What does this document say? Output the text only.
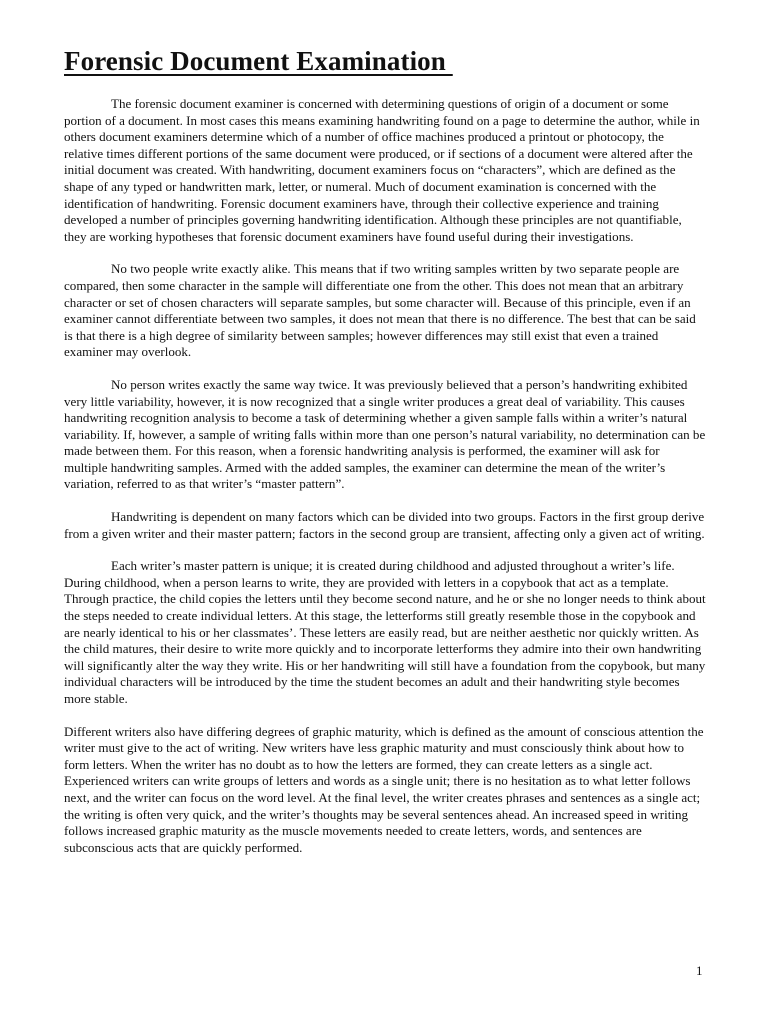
Forensic Document Examination

The forensic document examiner is concerned with determining questions of origin of a document or some portion of a document. In most cases this means examining handwriting found on a page to determine the author, while in others document examiners determine which of a number of office machines produced a printout or photocopy, the relative times different portions of the same document were produced, or if sections of a document were altered after the initial document was created. With handwriting, document examiners focus on “characters”, which are defined as the shape of any typed or handwritten mark, letter, or numeral. Much of document examination is concerned with the identification of handwriting. Forensic document examiners have, through their collective experience and training developed a number of principles governing handwriting identification. Although these principles are not quantifiable, they are working hypotheses that forensic document examiners have found useful during their investigations.

No two people write exactly alike. This means that if two writing samples written by two separate people are compared, then some character in the sample will differentiate one from the other. This does not mean that an arbitrary character or set of chosen characters will separate samples, but some character will. Because of this principle, even if an examiner cannot differentiate between two samples, it does not mean that there is no difference. The best that can be said is that there is a high degree of similarity between samples; however differences may still exist that even a trained examiner may overlook.

No person writes exactly the same way twice. It was previously believed that a person’s handwriting exhibited very little variability, however, it is now recognized that a single writer produces a great deal of variability. This causes handwriting recognition analysis to become a task of determining whether a given sample falls within a writer’s natural variability. If, however, a sample of writing falls within more than one person’s natural variability, no determination can be made between them. For this reason, when a forensic handwriting analysis is performed, the examiner will ask for multiple handwriting samples. Armed with the added samples, the examiner can determine the mean of the writer’s variation, referred to as that writer’s “master pattern”.

Handwriting is dependent on many factors which can be divided into two groups. Factors in the first group derive from a given writer and their master pattern; factors in the second group are transient, affecting only a given act of writing.

Each writer’s master pattern is unique; it is created during childhood and adjusted throughout a writer’s life. During childhood, when a person learns to write, they are provided with letters in a copybook that act as a template. Through practice, the child copies the letters until they become second nature, and he or she no longer needs to think about the steps needed to create individual letters. At this stage, the letterforms still greatly resemble those in the copybook and are nearly identical to his or her classmates’. These letters are easily read, but are neither aesthetic nor quickly written. As the child matures, their desire to write more quickly and to incorporate letterforms they admire into their own handwriting will significantly alter the way they write. His or her handwriting will still have a foundation from the copybook, but many individual characters will be introduced by the time the student becomes an adult and their handwriting style becomes more stable.

Different writers also have differing degrees of graphic maturity, which is defined as the amount of conscious attention the writer must give to the act of writing. New writers have less graphic maturity and must consciously think about how to form letters. When the writer has no doubt as to how the letters are formed, they can create letters as a single act. Experienced writers can write groups of letters and words as a single unit; there is no hesitation as to what letter follows next, and the writer can focus on the word level. At the final level, the writer creates phrases and sentences as a single act; the writing is often very quick, and the writer’s thoughts may be several sentences ahead. An increased speed in writing follows increased graphic maturity as the muscle movements needed to create letters, words, and sentences are subconscious acts that are quickly performed.

1
